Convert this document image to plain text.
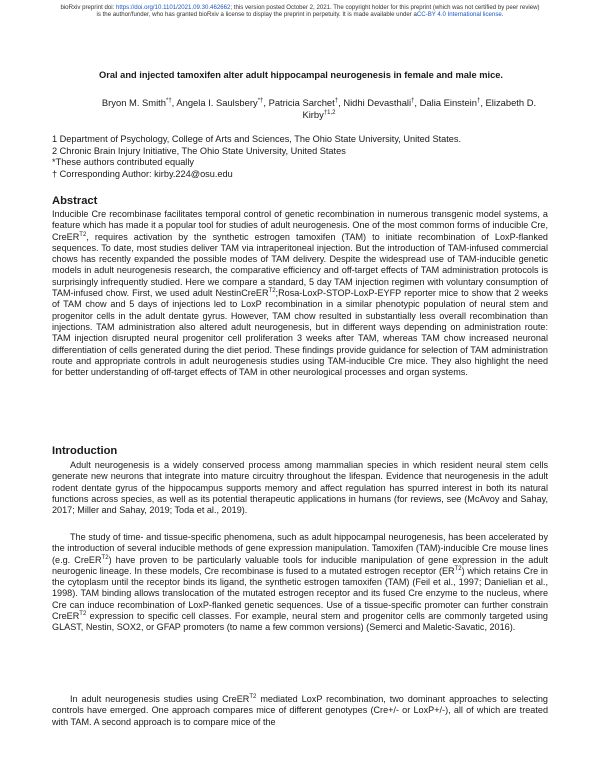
bioRxiv preprint doi: https://doi.org/10.1101/2021.09.30.462662; this version posted October 2, 2021. The copyright holder for this preprint (which was not certified by peer review) is the author/funder, who has granted bioRxiv a license to display the preprint in perpetuity. It is made available under aCC-BY 4.0 International license.
Oral and injected tamoxifen alter adult hippocampal neurogenesis in female and male mice.
Bryon M. Smith*†, Angela I. Saulsbery*†, Patricia Sarchet†, Nidhi Devasthali†, Dalia Einstein†, Elizabeth D. Kirby$^{\dagger 1,2}$
1 Department of Psychology, College of Arts and Sciences, The Ohio State University, United States.
2 Chronic Brain Injury Initiative, The Ohio State University, United States
*These authors contributed equally
† Corresponding Author: kirby.224@osu.edu
Abstract

Inducible Cre recombinase facilitates temporal control of genetic recombination in numerous transgenic model systems, a feature which has made it a popular tool for studies of adult neurogenesis. One of the most common forms of inducible Cre, CreER$^{T2}$, requires activation by the synthetic estrogen tamoxifen (TAM) to initiate recombination of LoxP-flanked sequences. To date, most studies deliver TAM via intraperitoneal injection. But the introduction of TAM-infused commercial chows has recently expanded the possible modes of TAM delivery. Despite the widespread use of TAM-inducible genetic models in adult neurogenesis research, the comparative efficiency and off-target effects of TAM administration protocols is surprisingly infrequently studied. Here we compare a standard, 5 day TAM injection regimen with voluntary consumption of TAM-infused chow. First, we used adult NestinCreER$^{T2}$;Rosa-LoxP-STOP-LoxP-EYFP reporter mice to show that 2 weeks of TAM chow and 5 days of injections led to LoxP recombination in a similar phenotypic population of neural stem and progenitor cells in the adult dentate gyrus. However, TAM chow resulted in substantially less overall recombination than injections. TAM administration also altered adult neurogenesis, but in different ways depending on administration route: TAM injection disrupted neural progenitor cell proliferation 3 weeks after TAM, whereas TAM chow increased neuronal differentiation of cells generated during the diet period. These findings provide guidance for selection of TAM administration route and appropriate controls in adult neurogenesis studies using TAM-inducible Cre mice. They also highlight the need for better understanding of off-target effects of TAM in other neurological processes and organ systems.

Introduction

Adult neurogenesis is a widely conserved process among mammalian species in which resident neural stem cells generate new neurons that integrate into mature circuitry throughout the lifespan. Evidence that neurogenesis in the adult rodent dentate gyrus of the hippocampus supports memory and affect regulation has spurred interest in both its natural functions across species, as well as its potential therapeutic applications in humans (for reviews, see (McAvoy and Sahay, 2017; Miller and Sahay, 2019; Toda et al., 2019).

The study of time- and tissue-specific phenomena, such as adult hippocampal neurogenesis, has been accelerated by the introduction of several inducible methods of gene expression manipulation. Tamoxifen (TAM)-inducible Cre mouse lines (e.g. CreER$^{T2}$) have proven to be particularly valuable tools for inducible manipulation of gene expression in the adult neurogenic lineage. In these models, Cre recombinase is fused to a mutated estrogen receptor $(ER^{T2})$ which retains Cre in the cytoplasm until the receptor binds its ligand, the synthetic estrogen tamoxifen (TAM) (Feil et al., 1997; Danielian et al., 1998). TAM binding allows translocation of the mutated estrogen receptor and its fused Cre enzyme to the nucleus, where Cre can induce recombination of LoxP-flanked genetic sequences. Use of a tissue-specific promoter can further constrain CreER$^{T2}$ expression to specific cell classes. For example, neural stem and progenitor cells are commonly targeted using GLAST, Nestin, SOX2, or GFAP promoters (to name a few common versions) (Semerci and Maletic-Savatic, 2016).

In adult neurogenesis studies using CreER$^{T2}$ mediated LoxP recombination, two dominant approaches to selecting controls have emerged. One approach compares mice of different genotypes (Cre+/- or LoxP+/-), all of which are treated with TAM. A second approach is to compare mice of the
